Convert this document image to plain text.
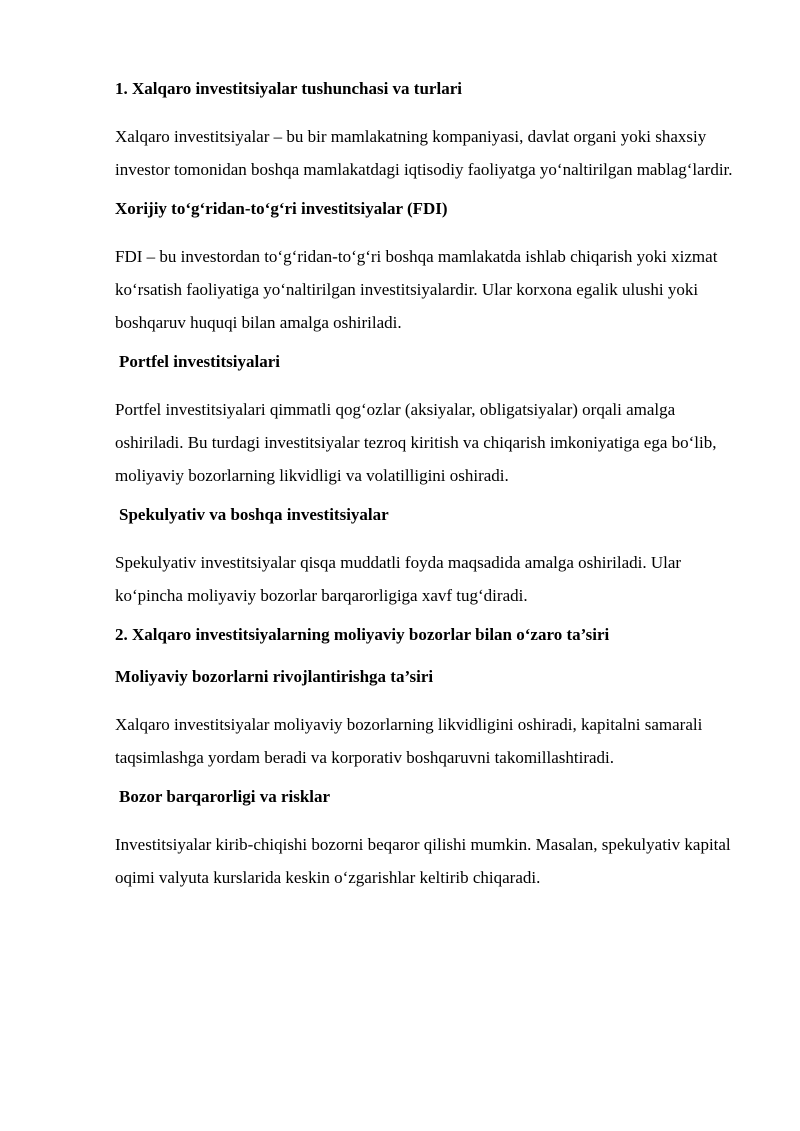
1. Xalqaro investitsiyalar tushunchasi va turlari

Xalqaro investitsiyalar – bu bir mamlakatning kompaniyasi, davlat organi yoki shaxsiy investor tomonidan boshqa mamlakatdagi iqtisodiy faoliyatga yo‘naltirilgan mablag‘lardir.

Xorijiy to‘g‘ridan-to‘g‘ri investitsiyalar (FDI)

FDI – bu investordan to‘g‘ridan-to‘g‘ri boshqa mamlakatda ishlab chiqarish yoki xizmat ko‘rsatish faoliyatiga yo‘naltirilgan investitsiyalardir. Ular korxona egalik ulushi yoki boshqaruv huquqi bilan amalga oshiriladi.

Portfel investitsiyalari

Portfel investitsiyalari qimmatli qog‘ozlar (aksiyalar, obligatsiyalar) orqali amalga oshiriladi. Bu turdagi investitsiyalar tezroq kiritish va chiqarish imkoniyatiga ega bo‘lib, moliyaviy bozorlarning likvidligi va volatilligini oshiradi.

Spekulyativ va boshqa investitsiyalar

Spekulyativ investitsiyalar qisqa muddatli foyda maqsadida amalga oshiriladi. Ular ko‘pincha moliyaviy bozorlar barqarorligiga xavf tug‘diradi.

2. Xalqaro investitsiyalarning moliyaviy bozorlar bilan o‘zaro ta’siri
Moliyaviy bozorlarni rivojlantirishga ta’siri

Xalqaro investitsiyalar moliyaviy bozorlarning likvidligini oshiradi, kapitalni samarali taqsimlashga yordam beradi va korporativ boshqaruvni takomillashtiradi.

Bozor barqarorligi va risklar

Investitsiyalar kirib-chiqishi bozorni beqaror qilishi mumkin. Masalan, spekulyativ kapital oqimi valyuta kurslarida keskin o‘zgarishlar keltirib chiqaradi.
